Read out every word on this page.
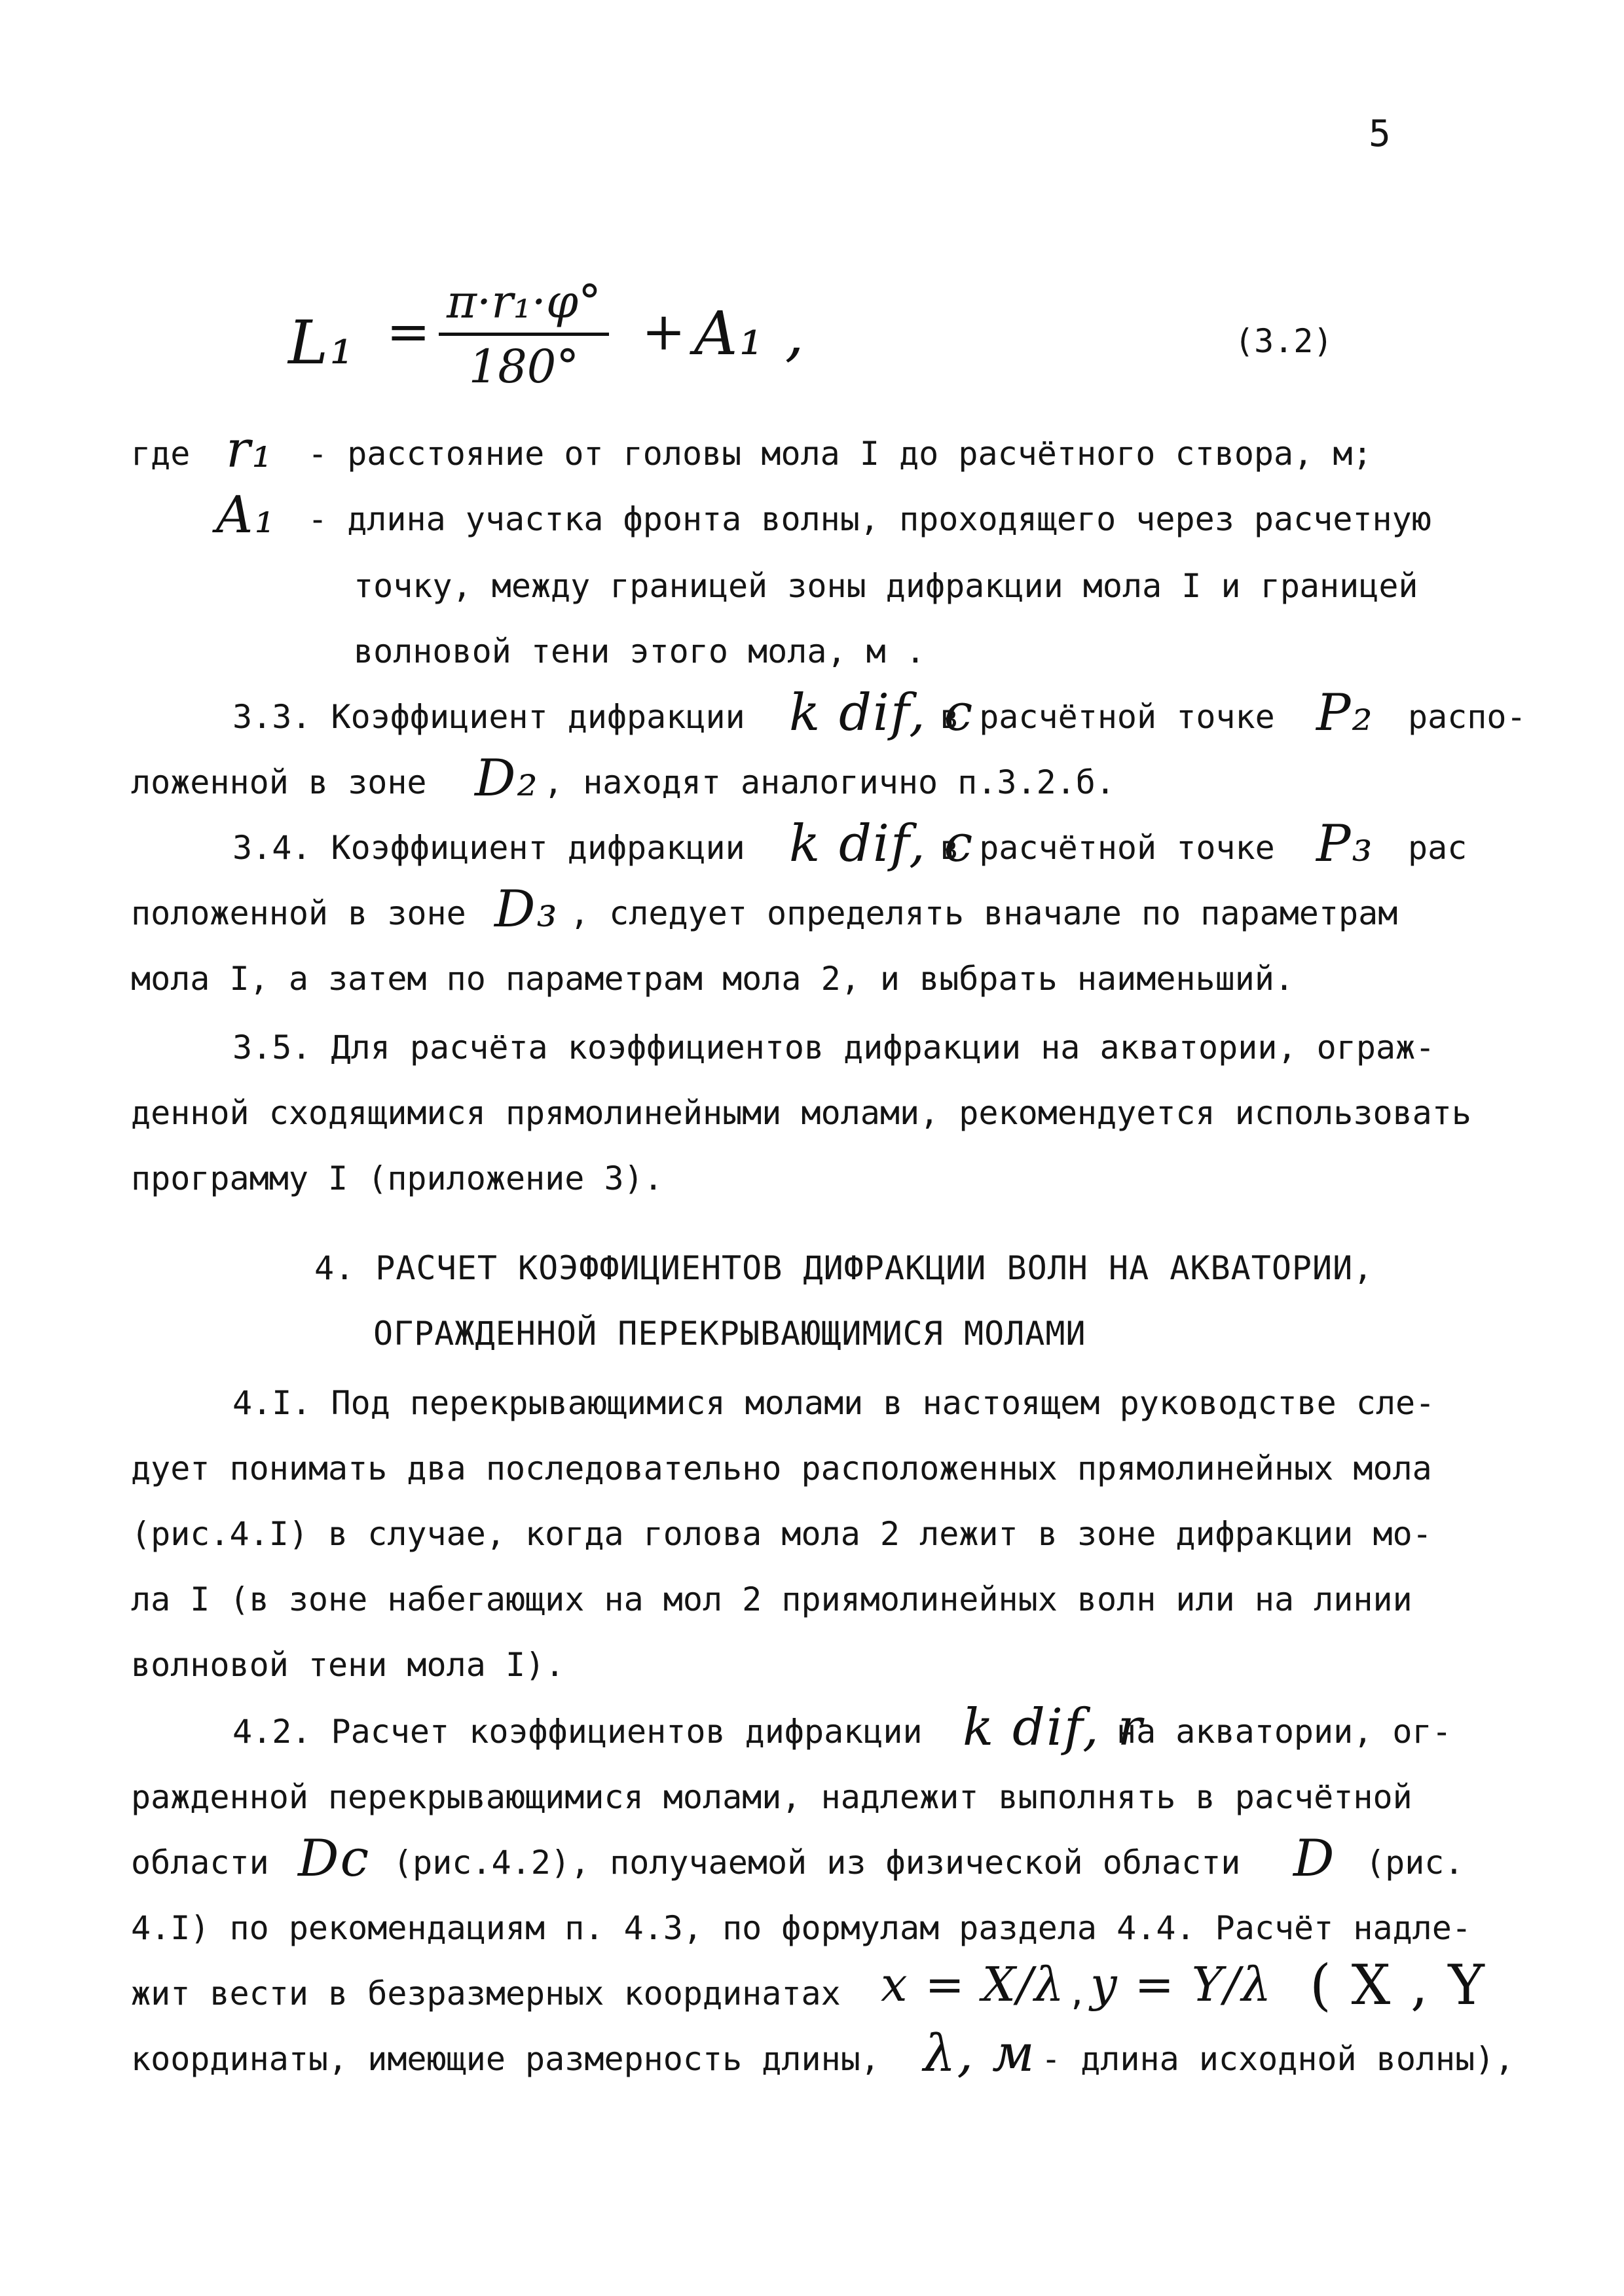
5
L₁ = π·r₁·φ°
180°
+ A₁ ,	(3.2)
где r₁ - расстояние от головы мола I до расчётного створа, м;
A₁ - длина участка фронта волны, проходящего через расчетную
точку, между границей зоны дифракции мола I и границей
волновой тени этого мола, м .
3.3. Коэффициент дифракции k dif, c
в расчётной точке P₂ распо-
ложенной в зоне D₂ , находят аналогично п.3.2.б.
3.4. Коэффициент дифракции k dif, c
в расчётной точке P₃ рас
положенной в зоне D₃ , следует определять вначале по параметрам
мола I, а затем по параметрам мола 2, и выбрать наименьший.
3.5. Для расчёта коэффициентов дифракции на акватории, ограж-
денной сходящимися прямолинейными молами, рекомендуется использовать
программу I (приложение 3).
4. РАСЧЕТ КОЭФФИЦИЕНТОВ ДИФРАКЦИИ ВОЛН НА АКВАТОРИИ,
ОГРАЖДЕННОЙ ПЕРЕКРЫВАЮЩИМИСЯ МОЛАМИ
4.I. Под перекрывающимися молами в настоящем руководстве сле-
дует понимать два последовательно расположенных прямолинейных мола
(рис.4.I) в случае, когда голова мола 2 лежит в зоне дифракции мо-
ла I (в зоне набегающих на мол 2 приямолинейных волн или на линии
волновой тени мола I).
4.2. Расчет коэффициентов дифракции k dif, r
на акватории, ог-
ражденной перекрывающимися молами, надлежит выполнять в расчётной
области Dc (рис.4.2), получаемой из физической области D (рис.
4.I) по рекомендациям п. 4.3, по формулам раздела 4.4. Расчёт надле-
жит вести в безразмерных координатах x = X/λ , y = Y/λ ( X , Y
координаты, имеющие размерность длины, λ, м - длина исходной волны),
